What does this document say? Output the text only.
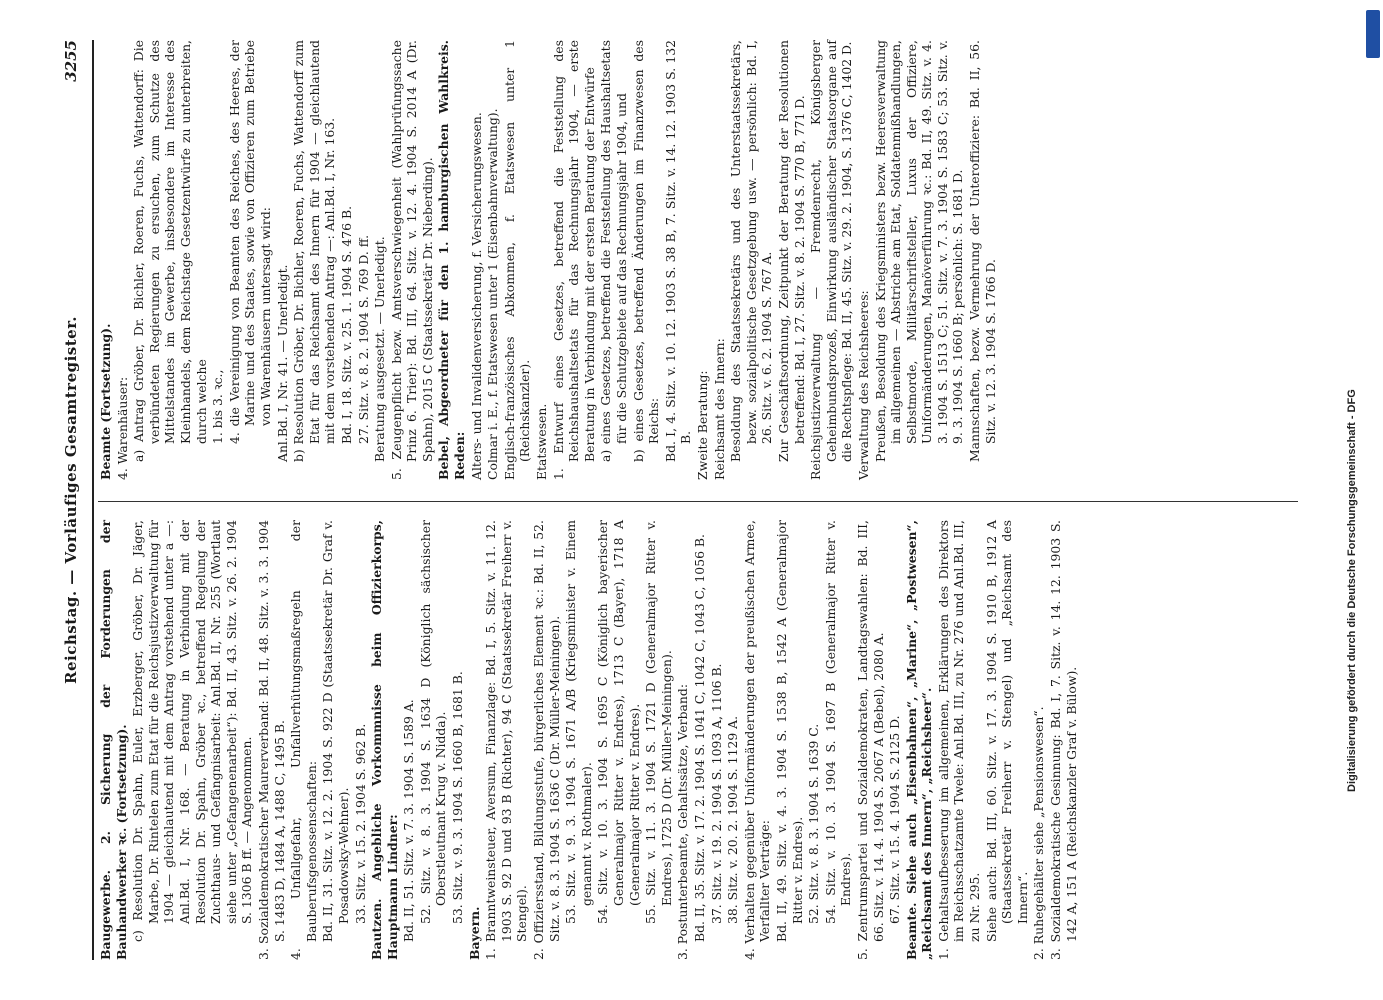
Reichstag. — Vorläufiges Gesamtregister.
3255
Baugewerbe. 2. Sicherung der Forderungen der Bauhandwerker ꝛc. (Fortsetzung). c) Resolution Dr. Spahn, Euler, Erzberger, Gröber, Dr. Jäger, Marbe, Dr. Rintelen zum Etat für die Reichsjustizverwaltung für 1904 — gleichlautend mit dem Antrag vorstehend unter a —: Anl.Bd. I, Nr. 168. — Beratung in Verbindung mit der Resolution Dr. Spahn, Gröber ꝛc., betreffend Regelung der Zuchthaus- und Gefängnisarbeit: Anl.Bd. II, Nr. 255 (Wortlaut siehe unter „Gefangenenarbeit“): Bd. II, 43. Sitz. v. 26. 2. 1904 S. 1306 B ff. — Angenommen. 3. Sozialdemokratischer Maurerverband: Bd. II, 48. Sitz. v. 3. 3. 1904 S. 1483 D, 1484 A, 1488 C, 1495 B. 4. Unfallgefahr, Unfallverhütungsmaßregeln der Bauberufsgenossenschaften: Bd. II, 31. Sitz. v. 12. 2. 1904 S. 922 D (Staatssekretär Dr. Graf v. Posadowsky-Wehner). 33. Sitz. v. 15. 2. 1904 S. 962 B. Bautzen. Angebliche Vorkommnisse beim Offizierkorps, Hauptmann Lindner: Bd. II, 51. Sitz. v. 7. 3. 1904 S. 1589 A. 52. Sitz. v. 8. 3. 1904 S. 1634 D (Königlich sächsischer Oberstleutnant Krug v. Nidda). 53. Sitz. v. 9. 3. 1904 S. 1660 B, 1681 B.
Bayern. 1. Branntweinsteuer, Aversum, Finanzlage: Bd. I, 5. Sitz. v. 11. 12. 1903 S. 92 D und 93 B (Richter), 94 C (Staatssekretär Freiherr v. Stengel). 2. Offiziersstand, Bildungsstufe, bürgerliches Element ꝛc.: Bd. II, 52. Sitz. v. 8. 3. 1904 S. 1636 C (Dr. Müller-Meiningen). 53. Sitz. v. 9. 3. 1904 S. 1671 A/B (Kriegsminister v. Einem genannt v. Rothmaler). 54. Sitz. v. 10. 3. 1904 S. 1695 C (Königlich bayerischer Generalmajor Ritter v. Endres), 1713 C (Bayer), 1718 A (Generalmajor Ritter v. Endres). 55. Sitz. v. 11. 3. 1904 S. 1721 D (Generalmajor Ritter v. Endres), 1725 D (Dr. Müller-Meiningen). 3. Postunterbeamte, Gehaltssätze, Verband: Bd. II, 35. Sitz. v. 17. 2. 1904 S. 1041 C, 1042 C, 1043 C, 1056 B. 37. Sitz. v. 19. 2. 1904 S. 1093 A, 1106 B. 38. Sitz. v. 20. 2. 1904 S. 1129 A. 4. Verhalten gegenüber Uniformänderungen der preußischen Armee, Verfallter Verträge: Bd. II, 49. Sitz. v. 4. 3. 1904 S. 1538 B, 1542 A (Generalmajor Ritter v. Endres). 52. Sitz. v. 8. 3. 1904 S. 1639 C. 54. Sitz. v. 10. 3. 1904 S. 1697 B (Generalmajor Ritter v. Endres). 5. Zentrumspartei und Sozialdemokraten, Landtagswahlen: Bd. III, 66. Sitz. v. 14. 4. 1904 S. 2067 A (Bebel), 2080 A. 67. Sitz. v. 15. 4. 1904 S. 2125 D. Beamte. Siehe auch „Eisenbahnen“, „Marine“, „Postwesen“, „Reichsamt des Innern“, „Reichsheer“. 1. Gehaltsaufbesserung im allgemeinen, Erklärungen des Direktors im Reichsschatzamte Twele: Anl.Bd. III, zu Nr. 276 und Anl.Bd. III, zu Nr. 295. Siehe auch: Bd. III, 60. Sitz. v. 17. 3. 1904 S. 1910 B, 1912 A (Staatssekretär Freiherr v. Stengel) und „Reichsamt des Innern“. 2. Ruhegehälter siehe „Pensionswesen“. 3. Sozialdemokratische Gesinnung: Bd. I, 7. Sitz. v. 14. 12. 1903 S. 142 A, 151 A (Reichskanzler Graf v. Bülow).
Beamte (Fortsetzung). 4. Warenhäuser: a) Antrag Gröber, Dr. Bichler, Roeren, Fuchs, Wattendorff: Die verbündeten Regierungen zu ersuchen, zum Schutze des Mittelstandes im Gewerbe, insbesondere im Interesse des Kleinhandels, dem Reichstage Gesetzentwürfe zu unterbreiten, durch welche 1. bis 3. ꝛc., 4. die Vereinigung von Beamten des Reiches, des Heeres, der Marine und des Staates, sowie von Offizieren zum Betriebe von Warenhäusern untersagt wird: Anl.Bd. I, Nr. 41. — Unerledigt. b) Resolution Gröber, Dr. Bichler, Roeren, Fuchs, Wattendorff zum Etat für das Reichsamt des Innern für 1904 — gleichlautend mit dem vorstehenden Antrag —: Anl.Bd. I, Nr. 163. Bd. I, 18. Sitz. v. 25. 1. 1904 S. 476 B. 27. Sitz. v. 8. 2. 1904 S. 769 D. ff. Beratung ausgesetzt. — Unerledigt. 5. Zeugenpflicht bezw. Amtsverschwiegenheit (Wahlprüfungssache Prinz 6. Trier): Bd. III, 64. Sitz. v. 12. 4. 1904 S. 2014 A (Dr. Spahn), 2015 C (Staatssekretär Dr. Nieberding). Bebel, Abgeordneter für den 1. hamburgischen Wahlkreis. Reden: Alters- und Invalidenversicherung, f. Versicherungswesen. Colmar i. E., f. Etatswesen unter 1 (Eisenbahnverwaltung). Englisch-französisches Abkommen, f. Etatswesen unter 1 (Reichskanzler). Etatswesen. 1. Entwurf eines Gesetzes, betreffend die Feststellung des Reichshaushaltsetats für das Rechnungsjahr 1904, — erste Beratung in Verbindung mit der ersten Beratung der Entwürfe a) eines Gesetzes, betreffend die Feststellung des Haushaltsetats für die Schutzgebiete auf das Rechnungsjahr 1904, und b) eines Gesetzes, betreffend Änderungen im Finanzwesen des Reichs: Bd. I, 4. Sitz. v. 10. 12. 1903 S. 38 B, 7. Sitz. v. 14. 12. 1903 S. 132 B. Zweite Beratung: Reichsamt des Innern: Besoldung des Staatssekretärs und des Unterstaatssekretärs, bezw. sozialpolitische Gesetzgebung usw. — persönlich: Bd. I, 26. Sitz. v. 6. 2. 1904 S. 767 A. Zur Geschäftsordnung, Zeitpunkt der Beratung der Resolutionen betreffend: Bd. I, 27. Sitz. v. 8. 2. 1904 S. 770 B, 771 D. Reichsjustizverwaltung — Fremdenrecht, Königsberger Geheimbundsprozeß, Einwirkung ausländischer Staatsorgane auf die Rechtspflege: Bd. II, 45. Sitz. v. 29. 2. 1904, S. 1376 C, 1402 D. Verwaltung des Reichsheeres: Preußen, Besoldung des Kriegsministers bezw. Heeresverwaltung im allgemeinen — Abstriche am Etat, Soldatenmißhandlungen, Selbstmorde, Militärschriftsteller, Luxus der Offiziere, Uniformänderungen, Manöverführung ꝛc.: Bd. II, 49. Sitz. v. 4. 3. 1904 S. 1513 C; 51. Sitz. v. 7. 3. 1904 S. 1583 C; 53. Sitz. v. 9. 3. 1904 S. 1660 B; persönlich: S. 1681 D. Mannschaften, bezw. Vermehrung der Unteroffiziere: Bd. II, 56. Sitz. v. 12. 3. 1904 S. 1766 D.
Digitalisierung gefördert durch die Deutsche Forschungsgemeinschaft - DFG
